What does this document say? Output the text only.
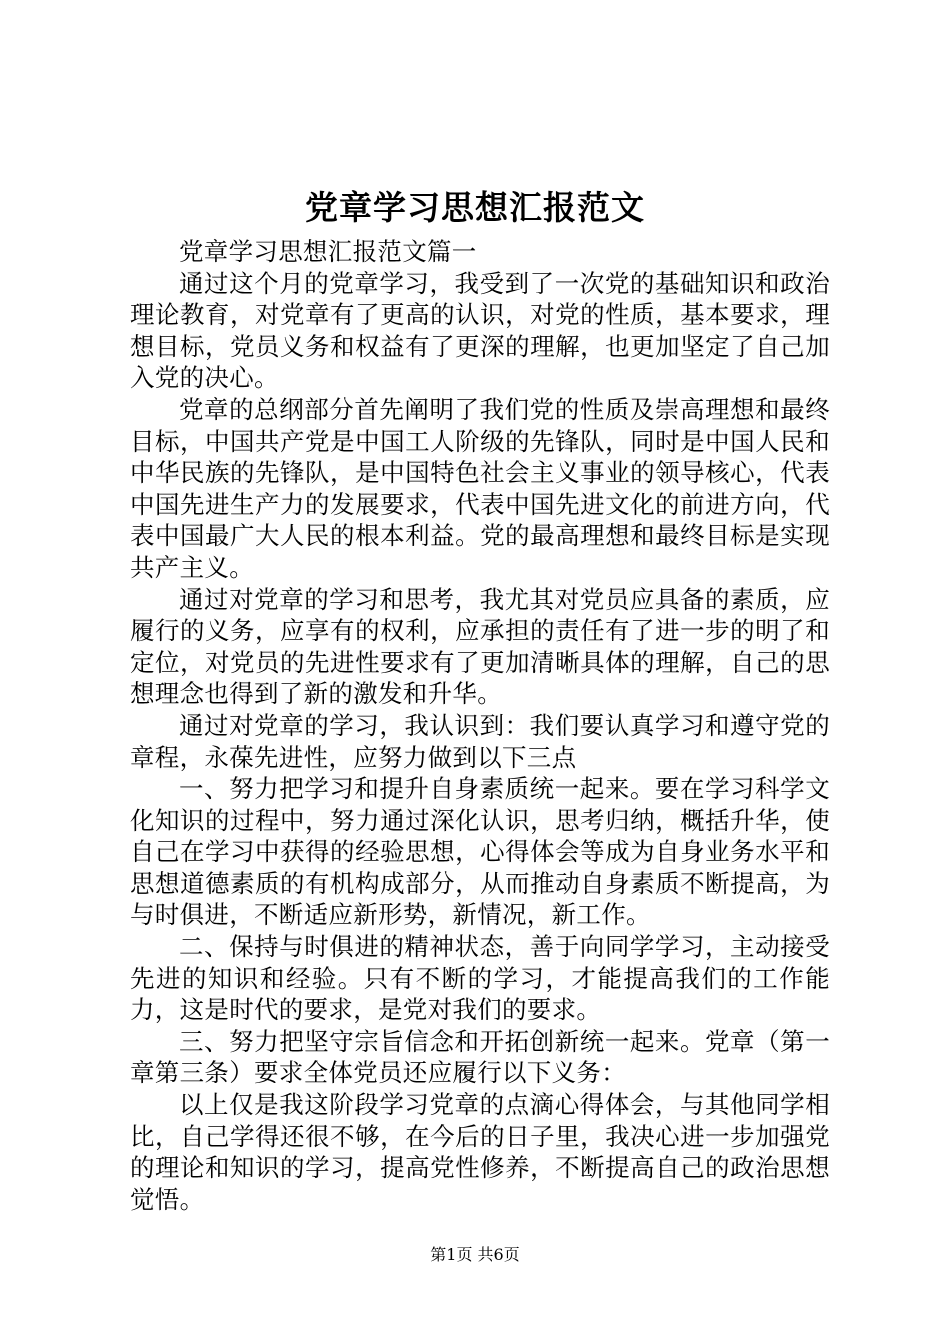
党章学习思想汇报范文

党章学习思想汇报范文篇一

通过这个月的党章学习，我受到了一次党的基础知识和政治理论教育，对党章有了更高的认识，对党的性质，基本要求，理想目标，党员义务和权益有了更深的理解，也更加坚定了自己加入党的决心。

党章的总纲部分首先阐明了我们党的性质及崇高理想和最终目标，中国共产党是中国工人阶级的先锋队，同时是中国人民和中华民族的先锋队，是中国特色社会主义事业的领导核心，代表中国先进生产力的发展要求，代表中国先进文化的前进方向，代表中国最广大人民的根本利益。党的最高理想和最终目标是实现共产主义。

通过对党章的学习和思考，我尤其对党员应具备的素质，应履行的义务，应享有的权利，应承担的责任有了进一步的明了和定位，对党员的先进性要求有了更加清晰具体的理解，自己的思想理念也得到了新的激发和升华。

通过对党章的学习，我认识到：我们要认真学习和遵守党的章程，永葆先进性，应努力做到以下三点

一、努力把学习和提升自身素质统一起来。要在学习科学文化知识的过程中，努力通过深化认识，思考归纳，概括升华，使自己在学习中获得的经验思想，心得体会等成为自身业务水平和思想道德素质的有机构成部分，从而推动自身素质不断提高，为与时俱进，不断适应新形势，新情况，新工作。

二、保持与时俱进的精神状态，善于向同学学习，主动接受先进的知识和经验。只有不断的学习，才能提高我们的工作能力，这是时代的要求，是党对我们的要求。

三、努力把坚守宗旨信念和开拓创新统一起来。党章（第一章第三条）要求全体党员还应履行以下义务：

以上仅是我这阶段学习党章的点滴心得体会，与其他同学相比，自己学得还很不够，在今后的日子里，我决心进一步加强党的理论和知识的学习，提高党性修养，不断提高自己的政治思想觉悟。

第1页 共6页
